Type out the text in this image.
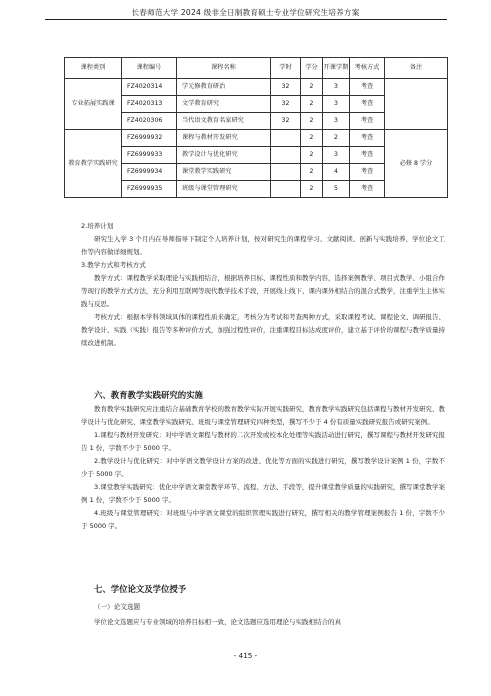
长春师范大学 2024 级非全日制教育硕士专业学位研究生培养方案
课程类别	课程编号	课程名称	学时	学分	开课学期	考核方式	备注
专业拓展实践课	FZ4020314	学元修教育研治	32	2	3	考查	
	FZ4020313	文学教育研究	32	2	3	考查	
	FZ4020306	当代语文教育名家研究	32	2	3	考查	
教育教学实践研究	FZ6999932	课程与教材开发研究		2	2	考查	必修 8 学分
	FZ6999933	教学设计与优化研究		2	3	考查	
	FZ6999934	课堂教学实践研究		2	4	考查	
	FZ6999935	班级与课堂管理研究		2	5	考查	

2.培养计划

研究生入学 3 个月内在导师指导下制定个人培养计划，按对研究生的课程学习、文献阅读、创新与实践培养、学位论文工作等内容做详细规划。

3.教学方式和考核方式

教学方式：课程教学采取理论与实践相结合，根据培养目标、课程性质和教学内容，选择案例教学、项目式教学、小组合作等现行的教学方式方法，充分利用互联网等现代教学技术手段，开展线上线下、课内课外相结合的混合式教学，注重学生主体实践与反思。

考核方式：根据本学科领域具体的课程性质来确定，考核分为考试和考查两种方式，采取课程考试、课程论文、调研报告、教学设计、实践（实践）报告等多种评价方式，加强过程性评价，注重课程目标达成度评价，建立基于评价的课程与教学质量持续改进机制。

六、教育教学实践研究的实施

教育教学实践研究应注重结合基础教育学校的教育教学实际开展实践研究，教育教学实践研究包括课程与教材开发研究、教学设计与优化研究、课堂教学实践研究、班级与课堂管理研究四种类型，撰写不少于 4 份有质量实践研究报告或研究案例。

1.课程与教材开发研究：对中学语文课程与教材的二次开发或校本化处理等实践活动进行研究，撰写课程与教材开发研究报告 1 份，字数不少于 5000 字。

2.教学设计与优化研究：对中学语文教学设计方案的改进、优化等方面的实践进行研究，撰写教学设计案例 1 份，字数不少于 5000 字。

3.课堂教学实践研究：优化中学语文课堂教学环节、流程、方法、手段等，提升课堂教学质量的实践研究，撰写课堂教学案例 1 份，字数不少于 5000 字。

4.班级与课堂管理研究：对班级与中学语文课堂的组织管理实践进行研究，撰写相关的教学管理案例报告 1 份，字数不少于 5000 字。

七、学位论文及学位授予

（一）论文选题

学位论文选题应与专业领域的培养目标相一致，论文选题应选用理论与实践相结合的真

- 415 -
